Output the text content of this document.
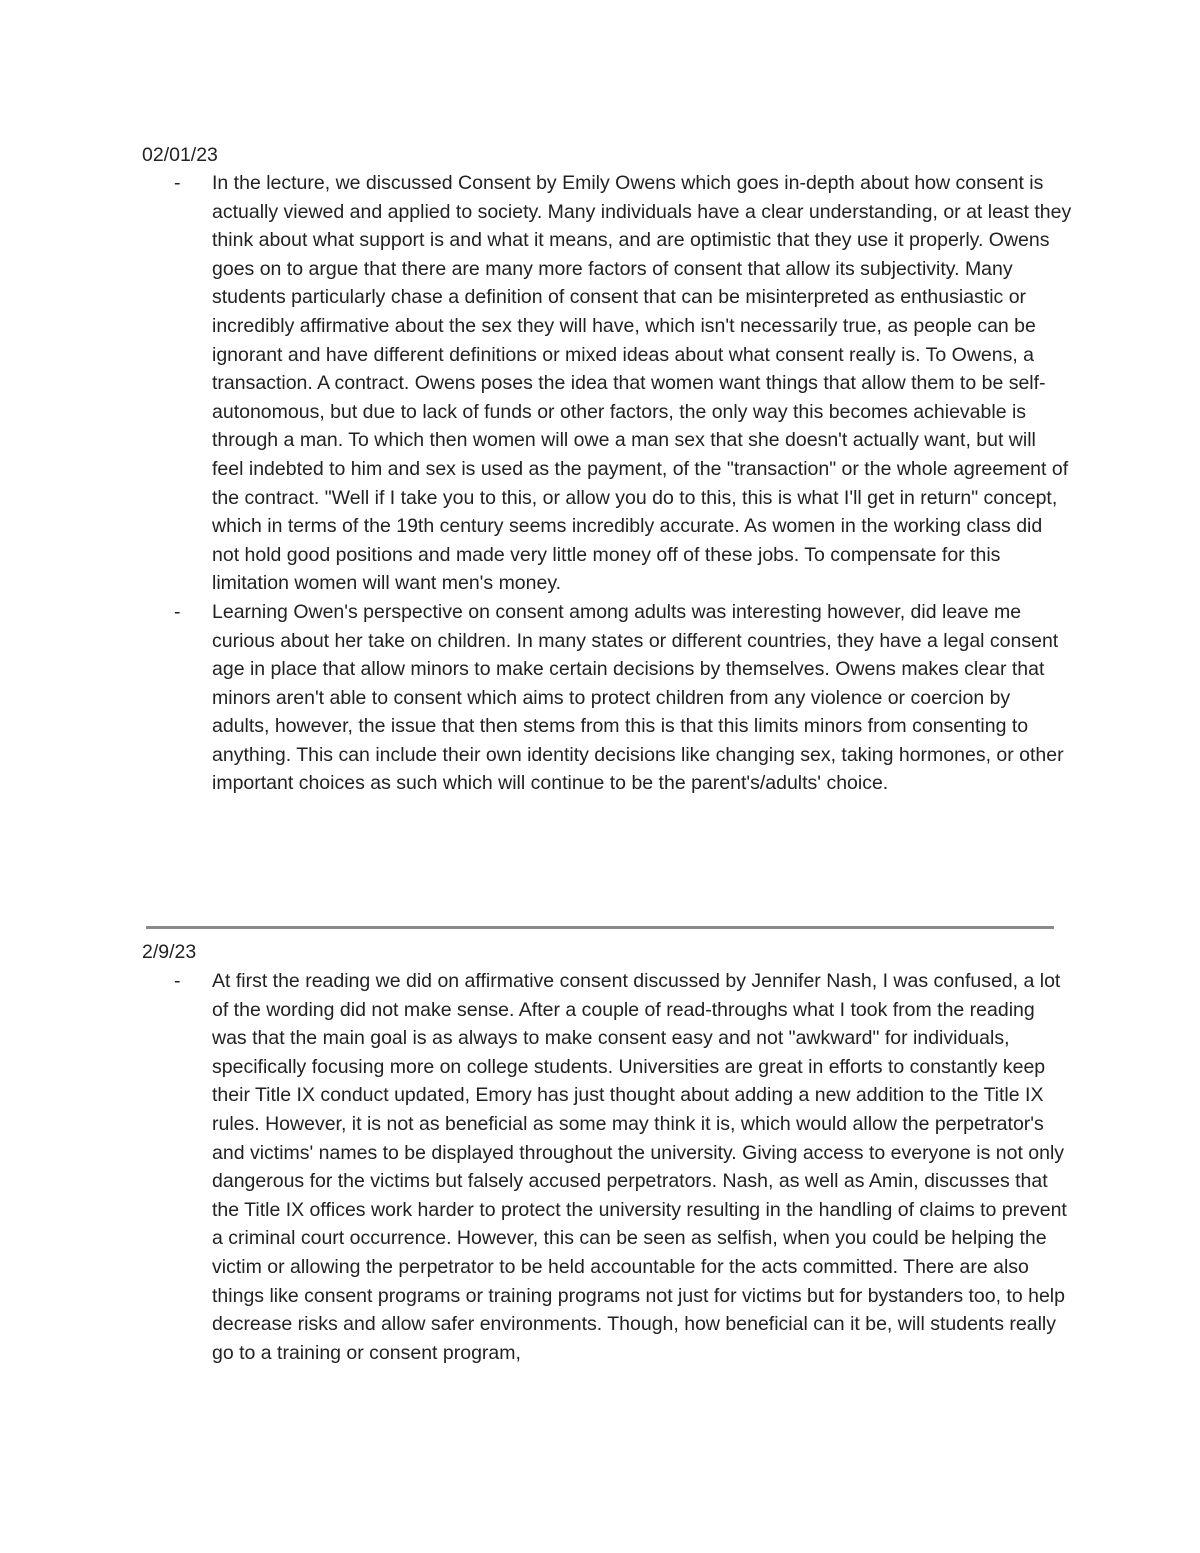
02/01/23

-	In the lecture, we discussed Consent by Emily Owens which goes in-depth about how consent is actually viewed and applied to society. Many individuals have a clear understanding, or at least they think about what support is and what it means, and are optimistic that they use it properly. Owens goes on to argue that there are many more factors of consent that allow its subjectivity. Many students particularly chase a definition of consent that can be misinterpreted as enthusiastic or incredibly affirmative about the sex they will have, which isn't necessarily true, as people can be ignorant and have different definitions or mixed ideas about what consent really is. To Owens, a transaction. A contract. Owens poses the idea that women want things that allow them to be self-autonomous, but due to lack of funds or other factors, the only way this becomes achievable is through a man. To which then women will owe a man sex that she doesn't actually want, but will feel indebted to him and sex is used as the payment, of the "transaction" or the whole agreement of the contract. "Well if I take you to this, or allow you do to this, this is what I'll get in return" concept, which in terms of the 19th century seems incredibly accurate. As women in the working class did not hold good positions and made very little money off of these jobs. To compensate for this limitation women will want men's money.
-	Learning Owen's perspective on consent among adults was interesting however, did leave me curious about her take on children. In many states or different countries, they have a legal consent age in place that allow minors to make certain decisions by themselves. Owens makes clear that minors aren't able to consent which aims to protect children from any violence or coercion by adults, however, the issue that then stems from this is that this limits minors from consenting to anything. This can include their own identity decisions like changing sex, taking hormones, or other important choices as such which will continue to be the parent's/adults' choice.

2/9/23

-	At first the reading we did on affirmative consent discussed by Jennifer Nash, I was confused, a lot of the wording did not make sense. After a couple of read-throughs what I took from the reading was that the main goal is as always to make consent easy and not "awkward" for individuals, specifically focusing more on college students. Universities are great in efforts to constantly keep their Title IX conduct updated, Emory has just thought about adding a new addition to the Title IX rules. However, it is not as beneficial as some may think it is, which would allow the perpetrator's and victims' names to be displayed throughout the university. Giving access to everyone is not only dangerous for the victims but falsely accused perpetrators. Nash, as well as Amin, discusses that the Title IX offices work harder to protect the university resulting in the handling of claims to prevent a criminal court occurrence. However, this can be seen as selfish, when you could be helping the victim or allowing the perpetrator to be held accountable for the acts committed. There are also things like consent programs or training programs not just for victims but for bystanders too, to help decrease risks and allow safer environments. Though, how beneficial can it be, will students really go to a training or consent program,
